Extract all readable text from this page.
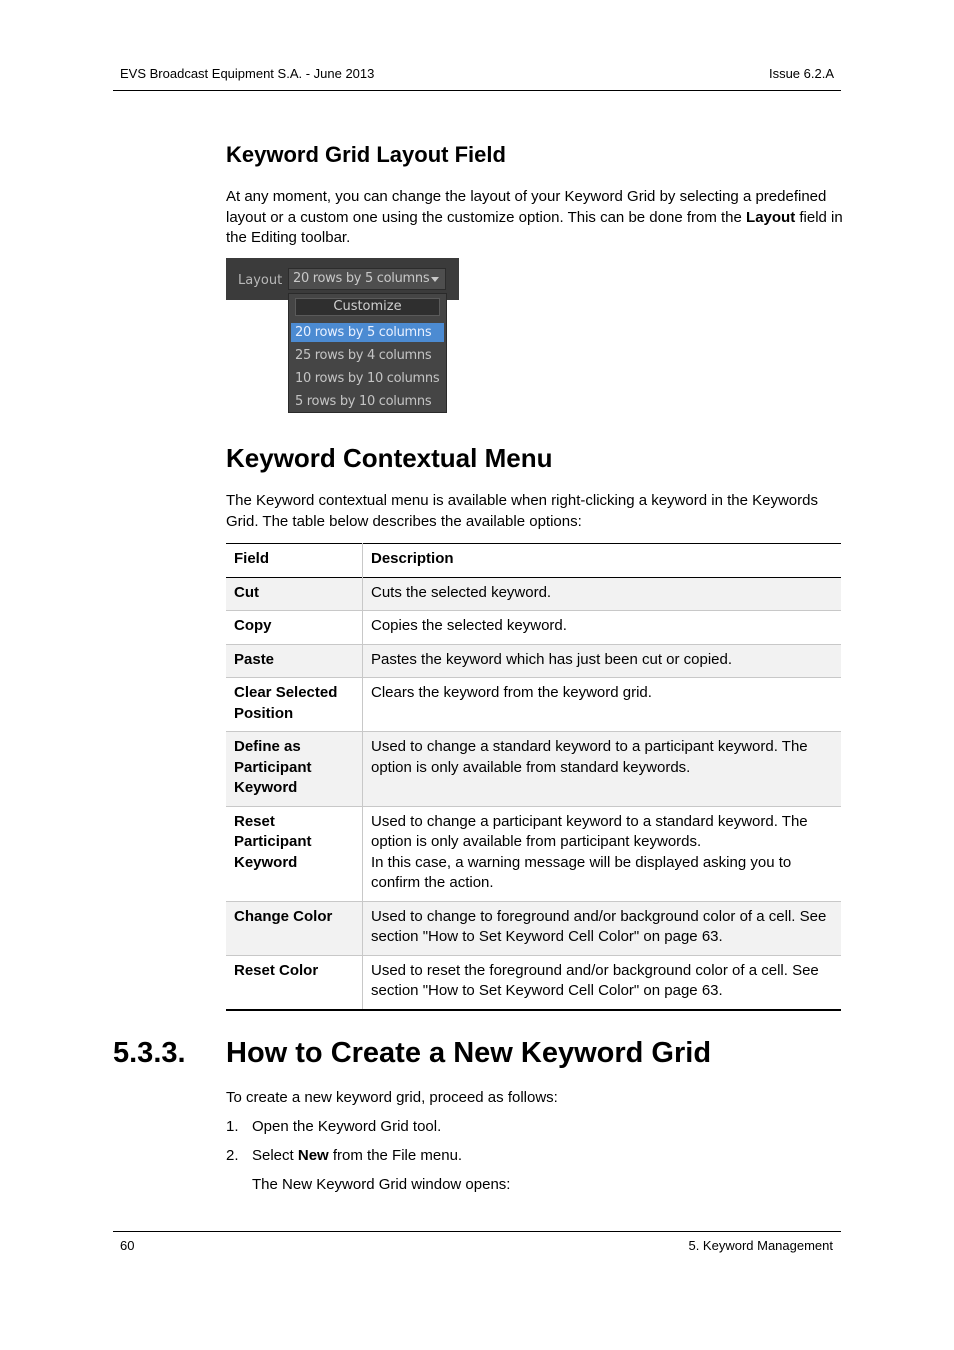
EVS Broadcast Equipment S.A. - June 2013	Issue 6.2.A
Keyword Grid Layout Field
At any moment, you can change the layout of your Keyword Grid by selecting a predefined layout or a custom one using the customize option. This can be done from the Layout field in the Editing toolbar.
Layout 20 rows by 5 columns
Customize
20 rows by 5 columns
25 rows by 4 columns
10 rows by 10 columns
5 rows by 10 columns
Keyword Contextual Menu
The Keyword contextual menu is available when right-clicking a keyword in the Keywords Grid. The table below describes the available options:
Field	Description
Cut	Cuts the selected keyword.

Copy	Copies the selected keyword.

Paste	Pastes the keyword which has just been cut or copied.

Clear Selected Position	Clears the keyword from the keyword grid.

Define as Participant Keyword	Used to change a standard keyword to a participant keyword. The option is only available from standard keywords.

Reset Participant Keyword	Used to change a participant keyword to a standard keyword. The option is only available from participant keywords.
In this case, a warning message will be displayed asking you to confirm the action.

Change Color	Used to change to foreground and/or background color of a cell. See section "How to Set Keyword Cell Color" on page 63.

Reset Color	Used to reset the foreground and/or background color of a cell. See section "How to Set Keyword Cell Color" on page 63.
5.3.3. How to Create a New Keyword Grid
To create a new keyword grid, proceed as follows:
1. Open the Keyword Grid tool.
2. Select New from the File menu.
The New Keyword Grid window opens:
60	5. Keyword Management
